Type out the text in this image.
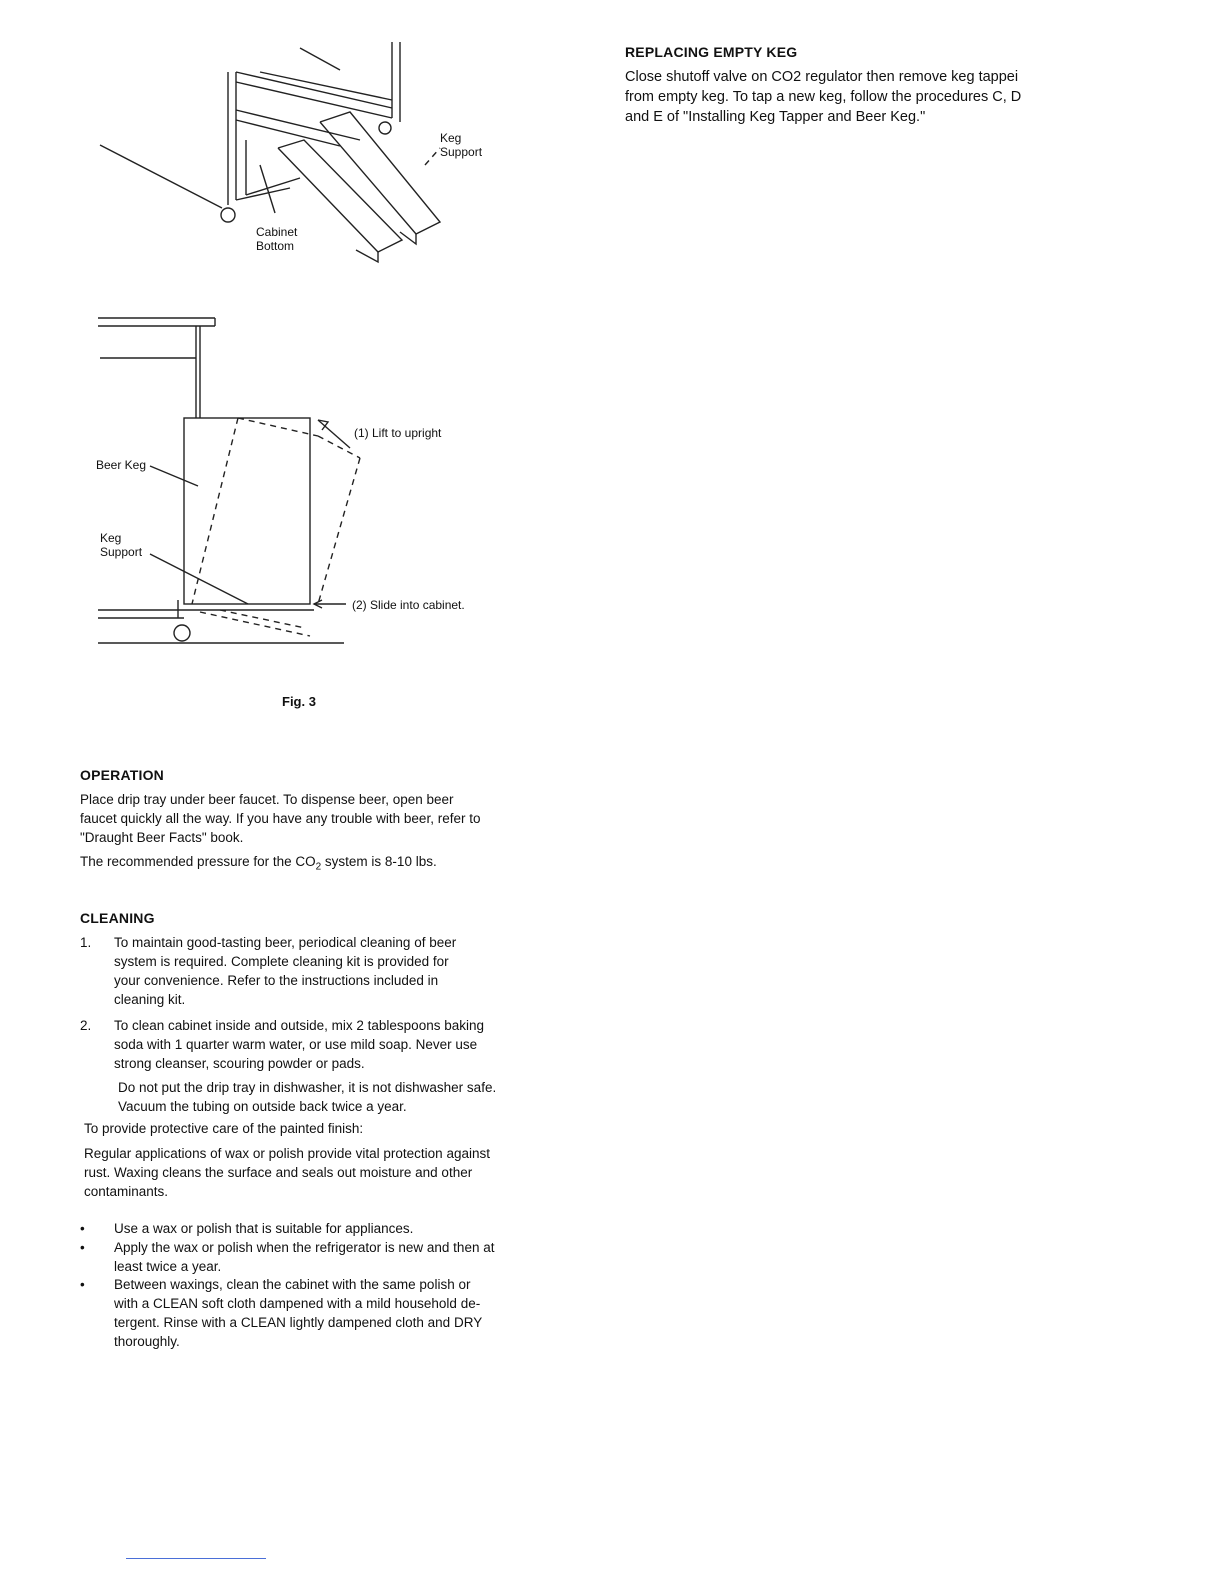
Keg
Support
Cabinet
Bottom
(1) Lift to upright
Beer Keg
Keg
Support
(2) Slide into cabinet.
Fig. 3
OPERATION

Place drip tray under beer faucet. To dispense beer, open beer

faucet quickly all the way. If you have any trouble with beer, refer to

"Draught Beer Facts" book.

The recommended pressure for the $CO_2$ system is 8-10 lbs.
CLEANING
1. To maintain good-tasting beer, periodical cleaning of beer
system is required. Complete cleaning kit is provided for
your convenience. Refer to the instructions included in
cleaning kit.
2. To clean cabinet inside and outside, mix 2 tablespoons baking
soda with 1 quarter warm water, or use mild soap. Never use
strong cleanser, scouring powder or pads.
Do not put the drip tray in dishwasher, it is not dishwasher safe.
Vacuum the tubing on outside back twice a year.
To provide protective care of the painted finish:

Regular applications of wax or polish provide vital protection against

rust. Waxing cleans the surface and seals out moisture and other

contaminants.

• Use a wax or polish that is suitable for appliances.
• Apply the wax or polish when the refrigerator is new and then at
least twice a year.
• Between waxings, clean the cabinet with the same polish or
with a CLEAN soft cloth dampened with a mild household de-
tergent. Rinse with a CLEAN lightly dampened cloth and DRY
thoroughly.
REPLACING EMPTY KEG
Close shutoff valve on CO2 regulator then remove keg tappei
from empty keg. To tap a new keg, follow the procedures C, D
and E of "Installing Keg Tapper and Beer Keg."
